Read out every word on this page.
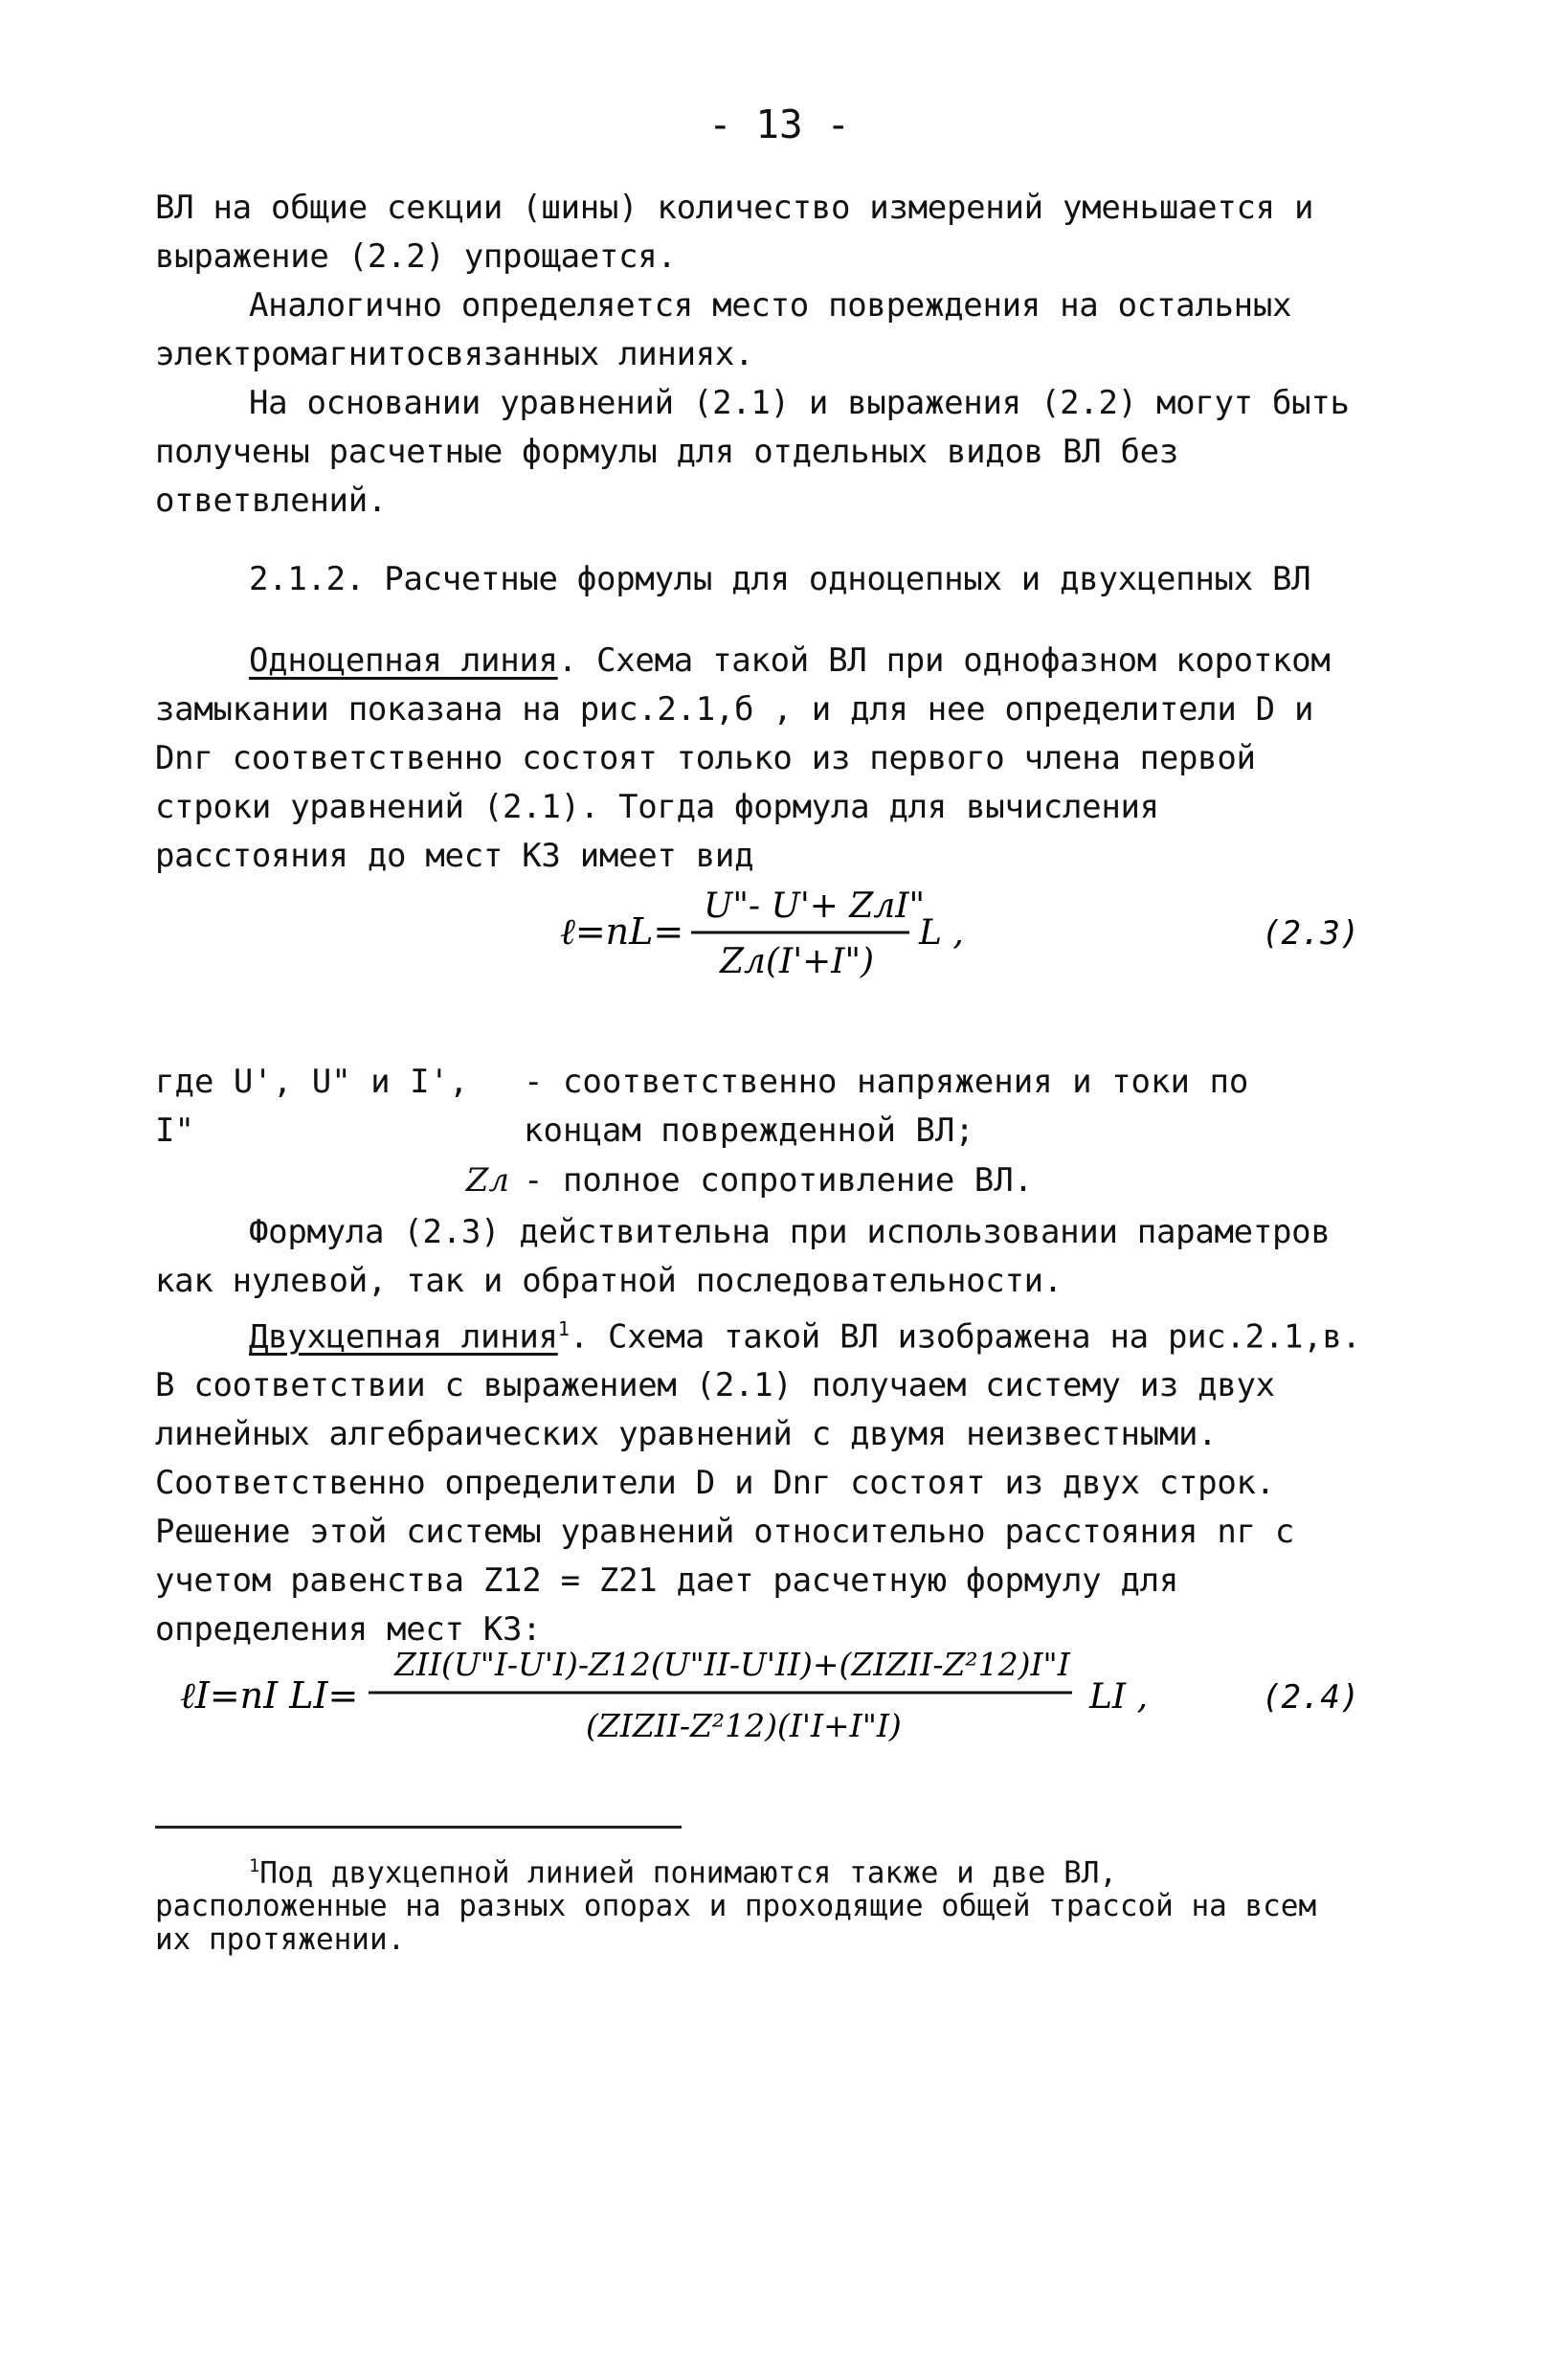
- 13 -
ВЛ на общие секции (шины) количество измерений уменьшается и выражение (2.2) упрощается.
Аналогично определяется место повреждения на остальных электромагнитосвязанных линиях.
На основании уравнений (2.1) и выражения (2.2) могут быть получены расчетные формулы для отдельных видов ВЛ без ответвлений.
2.1.2. Расчетные формулы для одноцепных и двухцепных ВЛ
Одноцепная линия. Схема такой ВЛ при однофазном коротком замыкании показана на рис.2.1,б , и для нее определители D и Dnг соответственно состоят только из первого члена первой строки уравнений (2.1). Тогда формула для вычисления расстояния до мест КЗ имеет вид
ℓ=nL=
U"- U'+ ZлI"
Zл(I'+I")
L ,	(2.3)
где U', U" и I', I"
- соответственно напряжения и токи по концам поврежденной ВЛ;
Zл - полное сопротивление ВЛ.
Формула (2.3) действительна при использовании параметров как нулевой, так и обратной последовательности.
Двухцепная линия$^1$. Схема такой ВЛ изображена на рис.2.1,в. В соответствии с выражением (2.1) получаем систему из двух линейных алгебраических уравнений с двумя неизвестными. Соответственно определители D и Dnг состоят из двух строк. Решение этой системы уравнений относительно расстояния nг с учетом равенства Z12 = Z21 дает расчетную формулу для определения мест КЗ:
ℓI=nI LI=
ZII(U"I-U'I)-Z12(U"II-U'II)+(ZIZII-Z²12)I"I
(ZIZII-Z²12)(I'I+I"I)
LI ,	(2.4)
$^1$Под двухцепной линией понимаются также и две ВЛ, расположенные на разных опорах и проходящие общей трассой на всем их протяжении.
